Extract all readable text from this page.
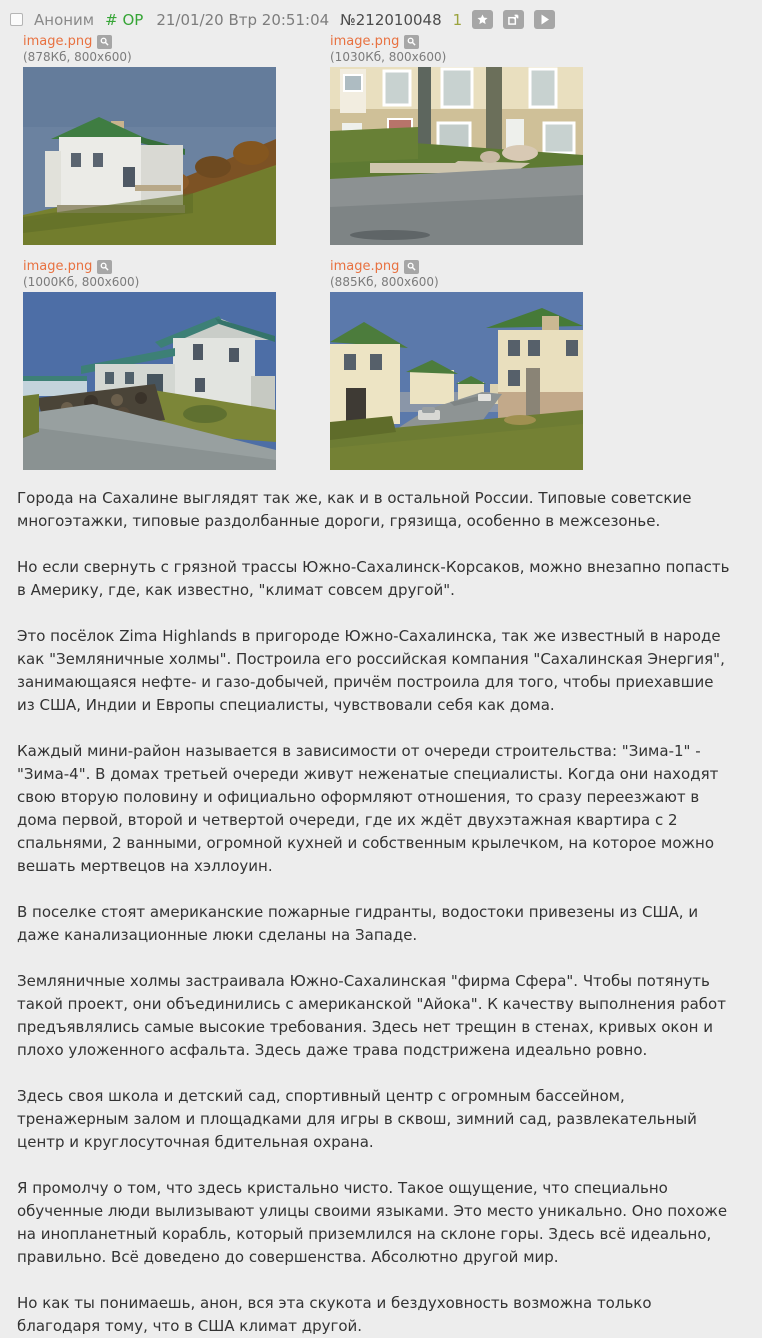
Аноним # OP 21/01/20 Втр 20:51:04 №212010048 1
image.png
(878Кб, 800x600)
image.png
(1030Кб, 800x600)
image.png
(1000Кб, 800x600)
image.png
(885Кб, 800x600)

Города на Сахалине выглядят так же, как и в остальной России. Типовые советские многоэтажки, типовые раздолбанные дороги, грязища, особенно в межсезонье.

Но если свернуть с грязной трассы Южно-Сахалинск-Корсаков, можно внезапно попасть в Америку, где, как известно, "климат совсем другой".

Это посёлок Zima Highlands в пригороде Южно-Сахалинска, так же известный в народе как "Земляничные холмы". Построила его российская компания "Сахалинская Энергия", занимающаяся нефте- и газо-добычей, причём построила для того, чтобы приехавшие из США, Индии и Европы специалисты, чувствовали себя как дома.

Каждый мини-район называется в зависимости от очереди строительства: "Зима-1" - "Зима-4". В домах третьей очереди живут неженатые специалисты. Когда они находят свою вторую половину и официально оформляют отношения, то сразу переезжают в дома первой, второй и четвертой очереди, где их ждёт двухэтажная квартира с 2 спальнями, 2 ванными, огромной кухней и собственным крылечком, на которое можно вешать мертвецов на хэллоуин.

В поселке стоят американские пожарные гидранты, водостоки привезены из США, и даже канализационные люки сделаны на Западе.

Земляничные холмы застраивала Южно-Сахалинская "фирма Сфера". Чтобы потянуть такой проект, они объединились с американской "Айока". К качеству выполнения работ предъявлялись самые высокие требования. Здесь нет трещин в стенах, кривых окон и плохо уложенного асфальта. Здесь даже трава подстрижена идеально ровно.

Здесь своя школа и детский сад, спортивный центр с огромным бассейном, тренажерным залом и площадками для игры в сквош, зимний сад, развлекательный центр и круглосуточная бдительная охрана.

Я промолчу о том, что здесь кристально чисто. Такое ощущение, что специально обученные люди вылизывают улицы своими языками. Это место уникально. Оно похоже на инопланетный корабль, который приземлился на склоне горы. Здесь всё идеально, правильно. Всё доведено до совершенства. Абсолютно другой мир.

Но как ты понимаешь, анон, вся эта скукота и бездуховность возможна только благодаря тому, что в США климат другой.
